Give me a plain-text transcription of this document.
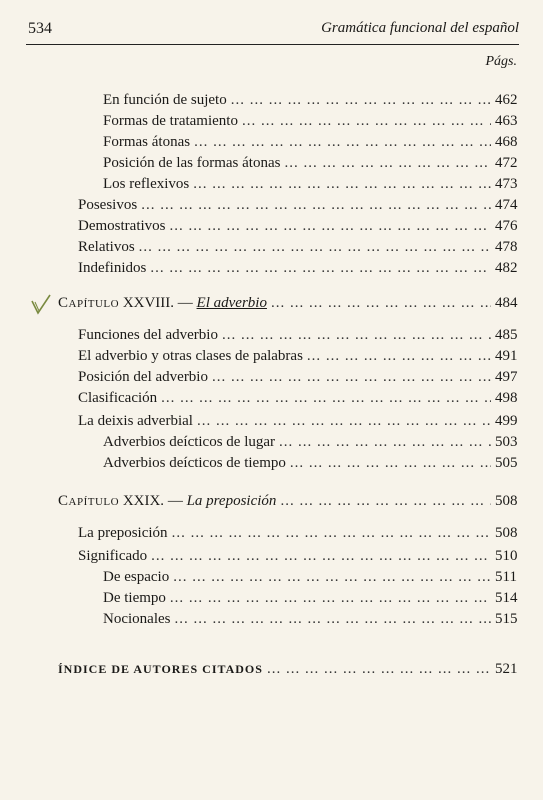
534	Gramática funcional del español
Págs.
En función de sujeto ... .	462
Formas de tratamiento ... .	463
Formas átonas ... .	468
Posición de las formas átonas ... .	472
Los reflexivos ... .	473
Posesivos ... .	474
Demostrativos ... .	476
Relativos ... .	478
Indefinidos ... .	482
Capítulo XXVIII. — El adverbio ... .	484
Funciones del adverbio ... .	485
El adverbio y otras clases de palabras ... .	491
Posición del adverbio ... .	497
Clasificación ... .	498
La deixis adverbial ... .	499
Adverbios deícticos de lugar ... .	503
Adverbios deícticos de tiempo ... .	505
Capítulo XXIX. — La preposición ... .	508
La preposición ... .	508
Significado ... .	510
De espacio ... .	511
De tiempo ... .	514
Nocionales ... .	515
ÍNDICE DE AUTORES CITADOS ... .	521
